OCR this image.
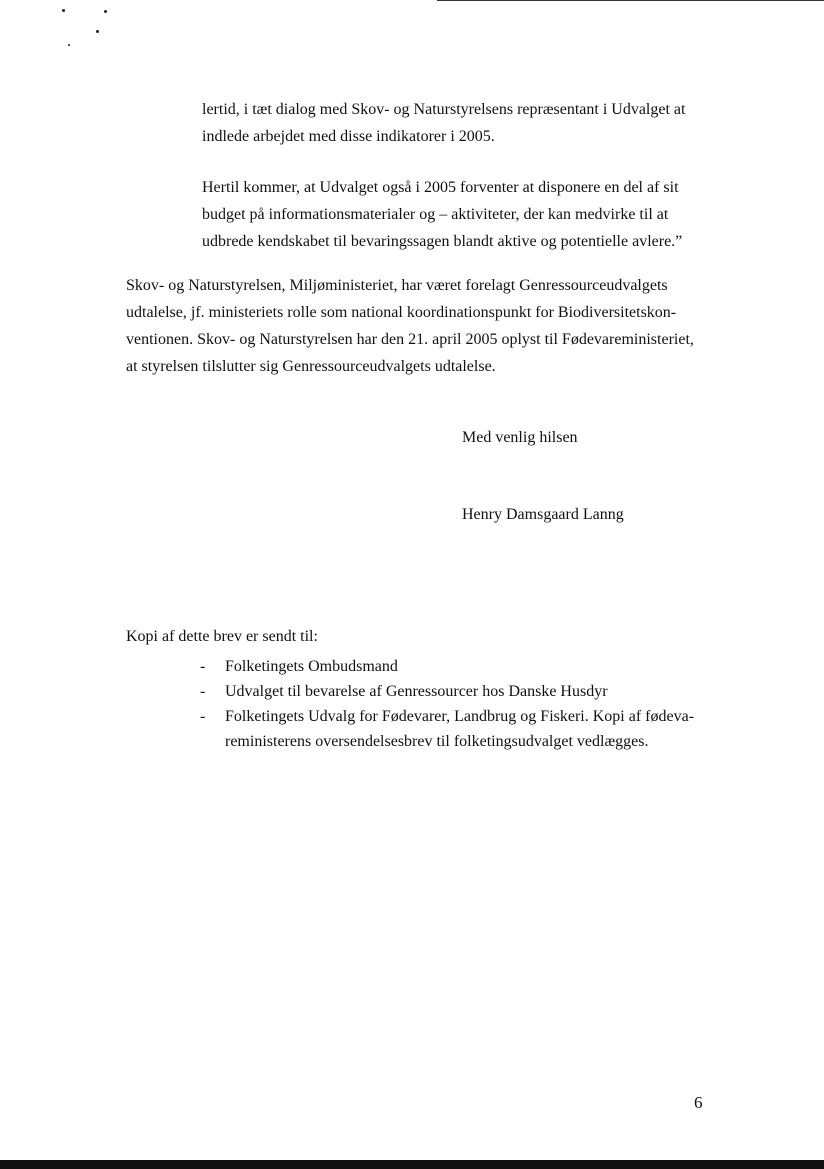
lertid, i tæt dialog med Skov- og Naturstyrelsens repræsentant i Udvalget at
indlede arbejdet med disse indikatorer i 2005.
Hertil kommer, at Udvalget også i 2005 forventer at disponere en del af sit
budget på informationsmaterialer og – aktiviteter, der kan medvirke til at
udbrede kendskabet til bevaringssagen blandt aktive og potentielle avlere.”
Skov- og Naturstyrelsen, Miljøministeriet, har været forelagt Genressourceudvalgets
udtalelse, jf. ministeriets rolle som national koordinationspunkt for Biodiversitetskon-
ventionen. Skov- og Naturstyrelsen har den 21. april 2005 oplyst til Fødevareministeriet,
at styrelsen tilslutter sig Genressourceudvalgets udtalelse.
Med venlig hilsen
Henry Damsgaard Lanng
Kopi af dette brev er sendt til:
-	Folketingets Ombudsmand
-	Udvalget til bevarelse af Genressourcer hos Danske Husdyr
-	Folketingets Udvalg for Fødevarer, Landbrug og Fiskeri. Kopi af fødeva-
reministerens oversendelsesbrev til folketingsudvalget vedlægges.
6
